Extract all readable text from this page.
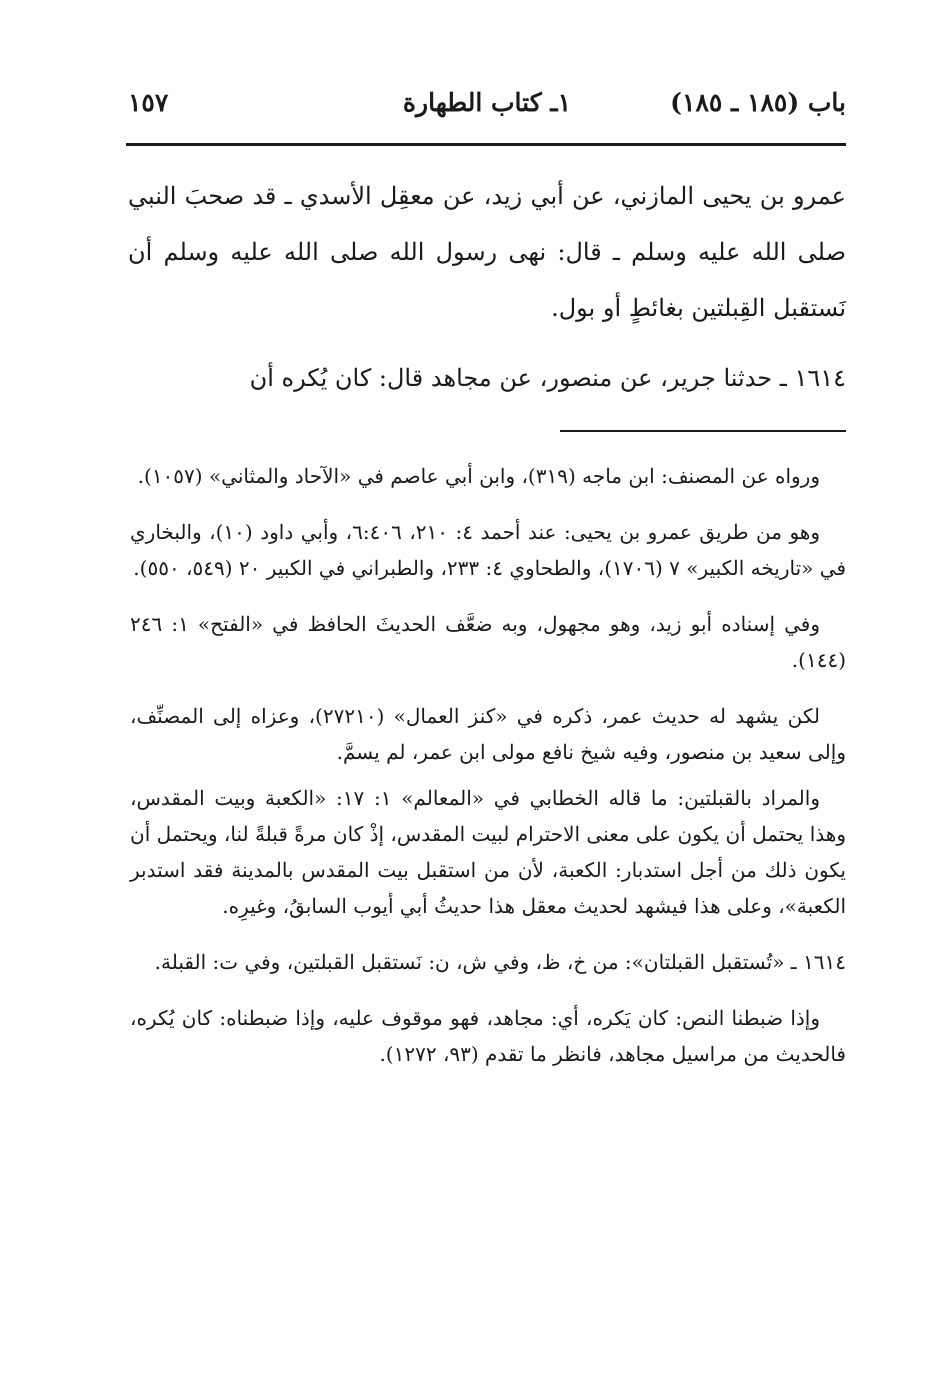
باب (١٨٥ ـ ١٨٥)
١ـ كتاب الطهارة
١٥٧

عمرو بن يحيى المازني، عن أبي زيد، عن معقِل الأسدي ـ قد صحبَ النبي صلى الله عليه وسلم ـ قال: نهى رسول الله صلى الله عليه وسلم أن نَستقبل القِبلتين بغائطٍ أو بول.

١٦١٤ ـ حدثنا جرير، عن منصور، عن مجاهد قال: كان يُكره أن

ورواه عن المصنف: ابن ماجه (٣١٩)، وابن أبي عاصم في «الآحاد والمثاني» (١٠٥٧).

وهو من طريق عمرو بن يحيى: عند أحمد ٤: ٢١٠، ٦:٤٠٦، وأبي داود (١٠)، والبخاري في «تاريخه الكبير» ٧ (١٧٠٦)، والطحاوي ٤: ٢٣٣، والطبراني في الكبير ٢٠ (٥٤٩، ٥٥٠).

وفي إسناده أبو زيد، وهو مجهول، وبه ضعَّف الحديثَ الحافظ في «الفتح» ١: ٢٤٦ (١٤٤).

لكن يشهد له حديث عمر، ذكره في «كنز العمال» (٢٧٢١٠)، وعزاه إلى المصنِّف، وإلى سعيد بن منصور، وفيه شيخ نافع مولى ابن عمر، لم يسمَّ.

والمراد بالقبلتين: ما قاله الخطابي في «المعالم» ١: ١٧: «الكعبة وبيت المقدس، وهذا يحتمل أن يكون على معنى الاحترام لبيت المقدس، إذْ كان مرةً قبلةً لنا، ويحتمل أن يكون ذلك من أجل استدبار: الكعبة، لأن من استقبل بيت المقدس بالمدينة فقد استدبر الكعبة»، وعلى هذا فيشهد لحديث معقل هذا حديثُ أبي أيوب السابقُ، وغيرِه.

١٦١٤ ـ «تُستقبل القبلتان»: من خ، ظ، وفي ش، ن: نَستقبل القبلتين، وفي ت: القبلة.

وإذا ضبطنا النص: كان يَكره، أي: مجاهد، فهو موقوف عليه، وإذا ضبطناه: كان يُكره، فالحديث من مراسيل مجاهد، فانظر ما تقدم (٩٣، ١٢٧٢).
